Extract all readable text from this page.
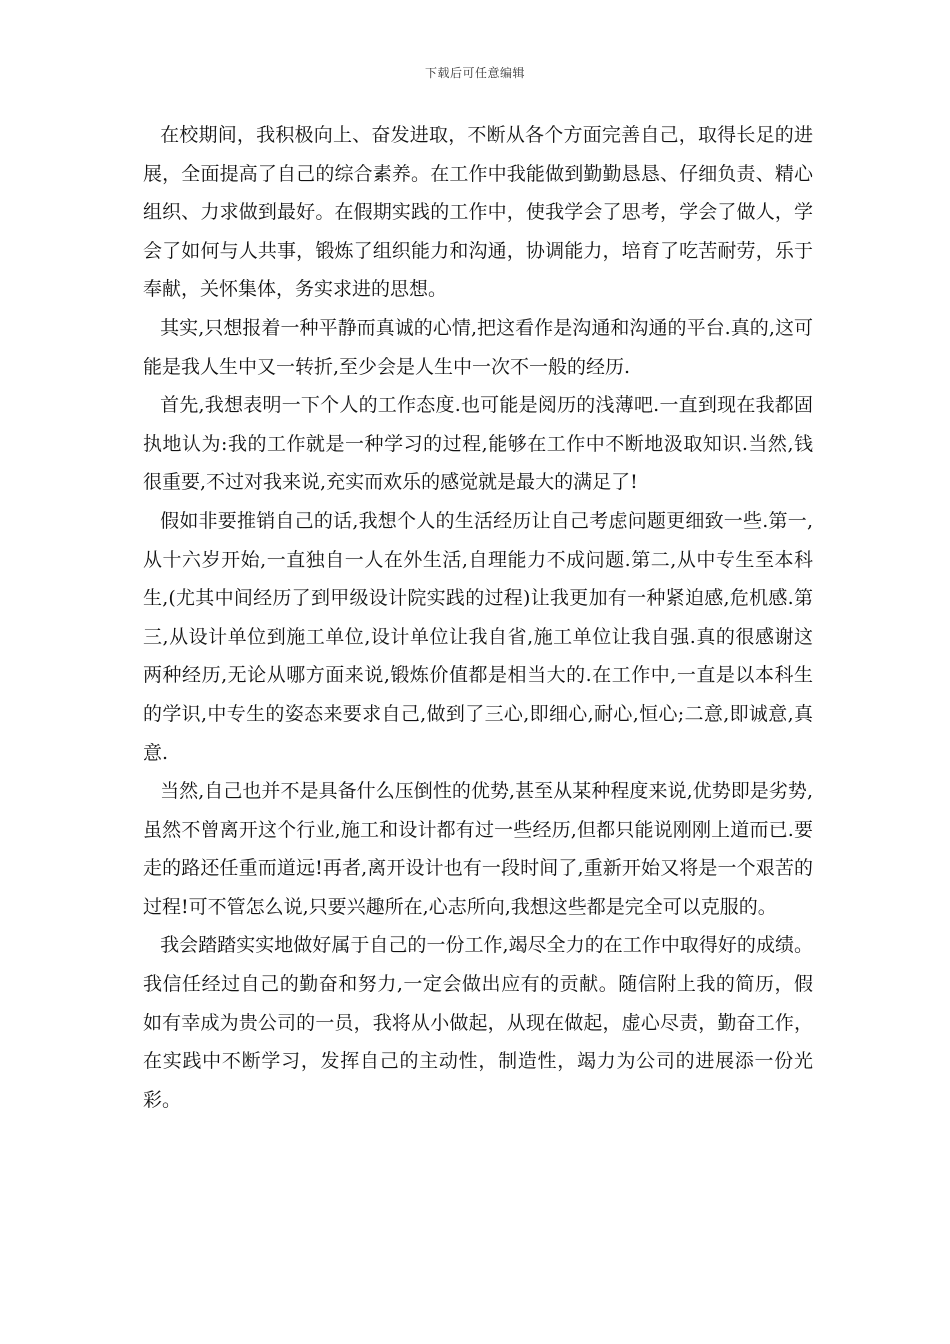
下载后可任意编辑

在校期间，我积极向上、奋发进取，不断从各个方面完善自己，取得长足的进展，全面提高了自己的综合素养。在工作中我能做到勤勤恳恳、仔细负责、精心组织、力求做到最好。在假期实践的工作中，使我学会了思考，学会了做人，学会了如何与人共事，锻炼了组织能力和沟通，协调能力，培育了吃苦耐劳，乐于奉献，关怀集体，务实求进的思想。

其实,只想报着一种平静而真诚的心情,把这看作是沟通和沟通的平台.真的,这可能是我人生中又一转折,至少会是人生中一次不一般的经历.

首先,我想表明一下个人的工作态度.也可能是阅历的浅薄吧.一直到现在我都固执地认为:我的工作就是一种学习的过程,能够在工作中不断地汲取知识.当然,钱很重要,不过对我来说,充实而欢乐的感觉就是最大的满足了!

假如非要推销自己的话,我想个人的生活经历让自己考虑问题更细致一些.第一,从十六岁开始,一直独自一人在外生活,自理能力不成问题.第二,从中专生至本科生,(尤其中间经历了到甲级设计院实践的过程)让我更加有一种紧迫感,危机感.第三,从设计单位到施工单位,设计单位让我自省,施工单位让我自强.真的很感谢这两种经历,无论从哪方面来说,锻炼价值都是相当大的.在工作中,一直是以本科生的学识,中专生的姿态来要求自己,做到了三心,即细心,耐心,恒心;二意,即诚意,真意.

当然,自己也并不是具备什么压倒性的优势,甚至从某种程度来说,优势即是劣势,虽然不曾离开这个行业,施工和设计都有过一些经历,但都只能说刚刚上道而已.要走的路还任重而道远!再者,离开设计也有一段时间了,重新开始又将是一个艰苦的过程!可不管怎么说,只要兴趣所在,心志所向,我想这些都是完全可以克服的。

我会踏踏实实地做好属于自己的一份工作,竭尽全力的在工作中取得好的成绩。我信任经过自己的勤奋和努力,一定会做出应有的贡献。随信附上我的简历，假如有幸成为贵公司的一员，我将从小做起，从现在做起，虚心尽责，勤奋工作，在实践中不断学习，发挥自己的主动性，制造性，竭力为公司的进展添一份光彩。
